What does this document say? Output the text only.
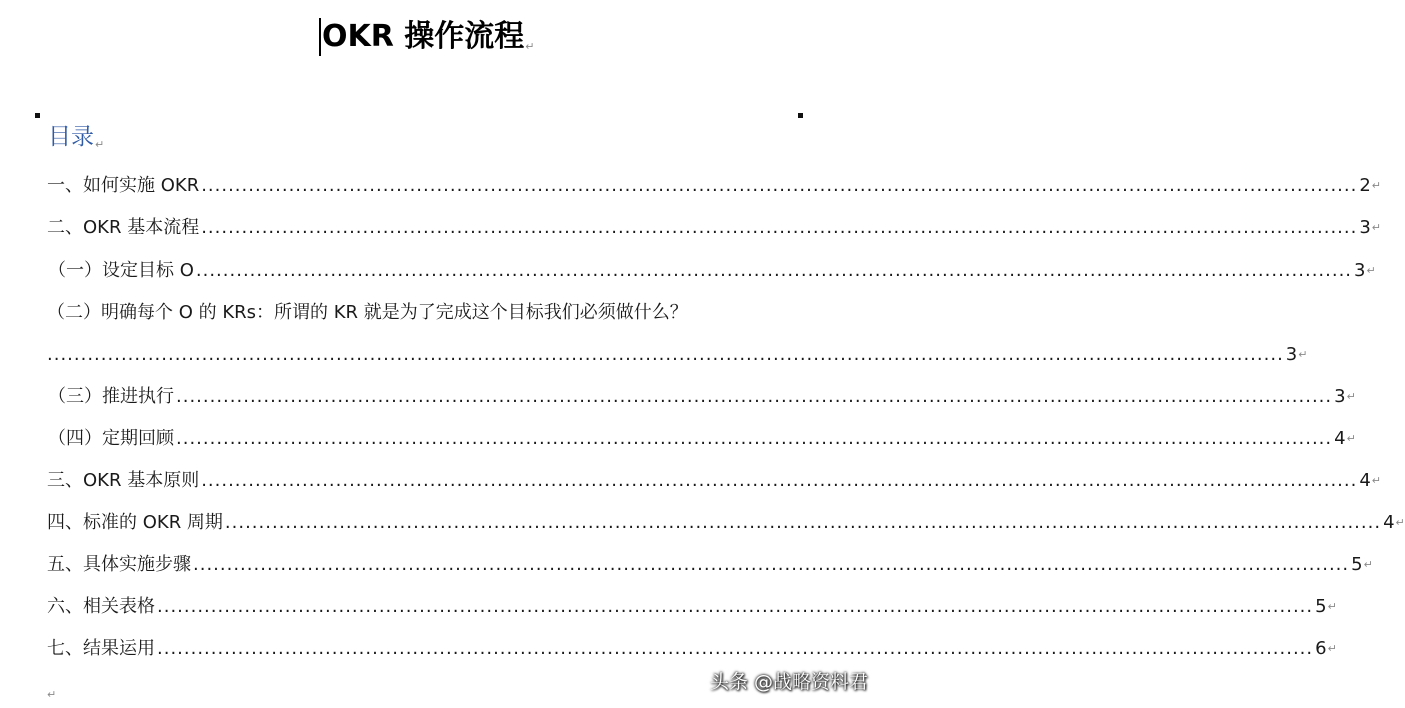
OKR 操作流程↵
目录↵
一、如何实施 OKR ............................................................................................................................................................................ 2 ↵
二、OKR 基本流程 ............................................................................................................................................................................ 3 ↵
（一）设定目标 O ............................................................................................................................................................................ 3 ↵
（二）明确每个 O 的 KRs：所谓的 KR 就是为了完成这个目标我们必须做什么？
........................................................................................................................................................................................ 3 ↵
（三）推进执行 ............................................................................................................................................................................ 3 ↵
（四）定期回顾 ............................................................................................................................................................................ 4 ↵
三、OKR 基本原则 ............................................................................................................................................................................ 4 ↵
四、标准的 OKR 周期 ............................................................................................................................................................................ 4 ↵
五、具体实施步骤 ............................................................................................................................................................................ 5 ↵
六、相关表格 ............................................................................................................................................................................ 5 ↵
七、结果运用 ............................................................................................................................................................................ 6 ↵
↵
头条 @战略资料君
